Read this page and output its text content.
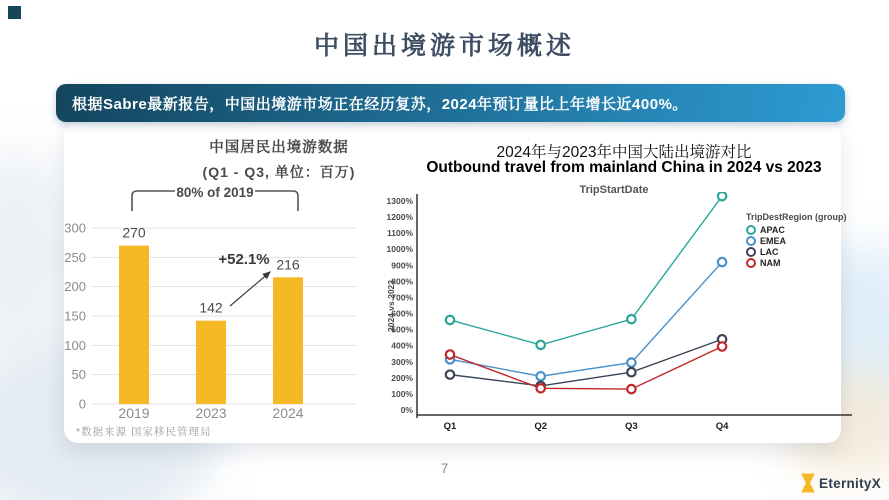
中国出境游市场概述
根据Sabre最新报告，中国出境游市场正在经历复苏，2024年预订量比上年增长近400%。
中国居民出境游数据
(Q1 - Q3, 单位：百万)
80% of 2019
0
50
100
150
200
250
300	270
2019
142
2023
216
2024
+52.1%
*数据来源 国家移民管理局
2024年与2023年中国大陆出境游对比
Outbound travel from mainland China in 2024 vs 2023
TripStartDate
0%
100%
200%
300%
400%
500%
600%
700%
800%
900%
1000%
1100%
1200%
1300%
2024 vs 2023
Q1	Q2	Q3	Q4
TripDestRegion (group)
APAC
EMEA
LAC
NAM
7
EternityX
